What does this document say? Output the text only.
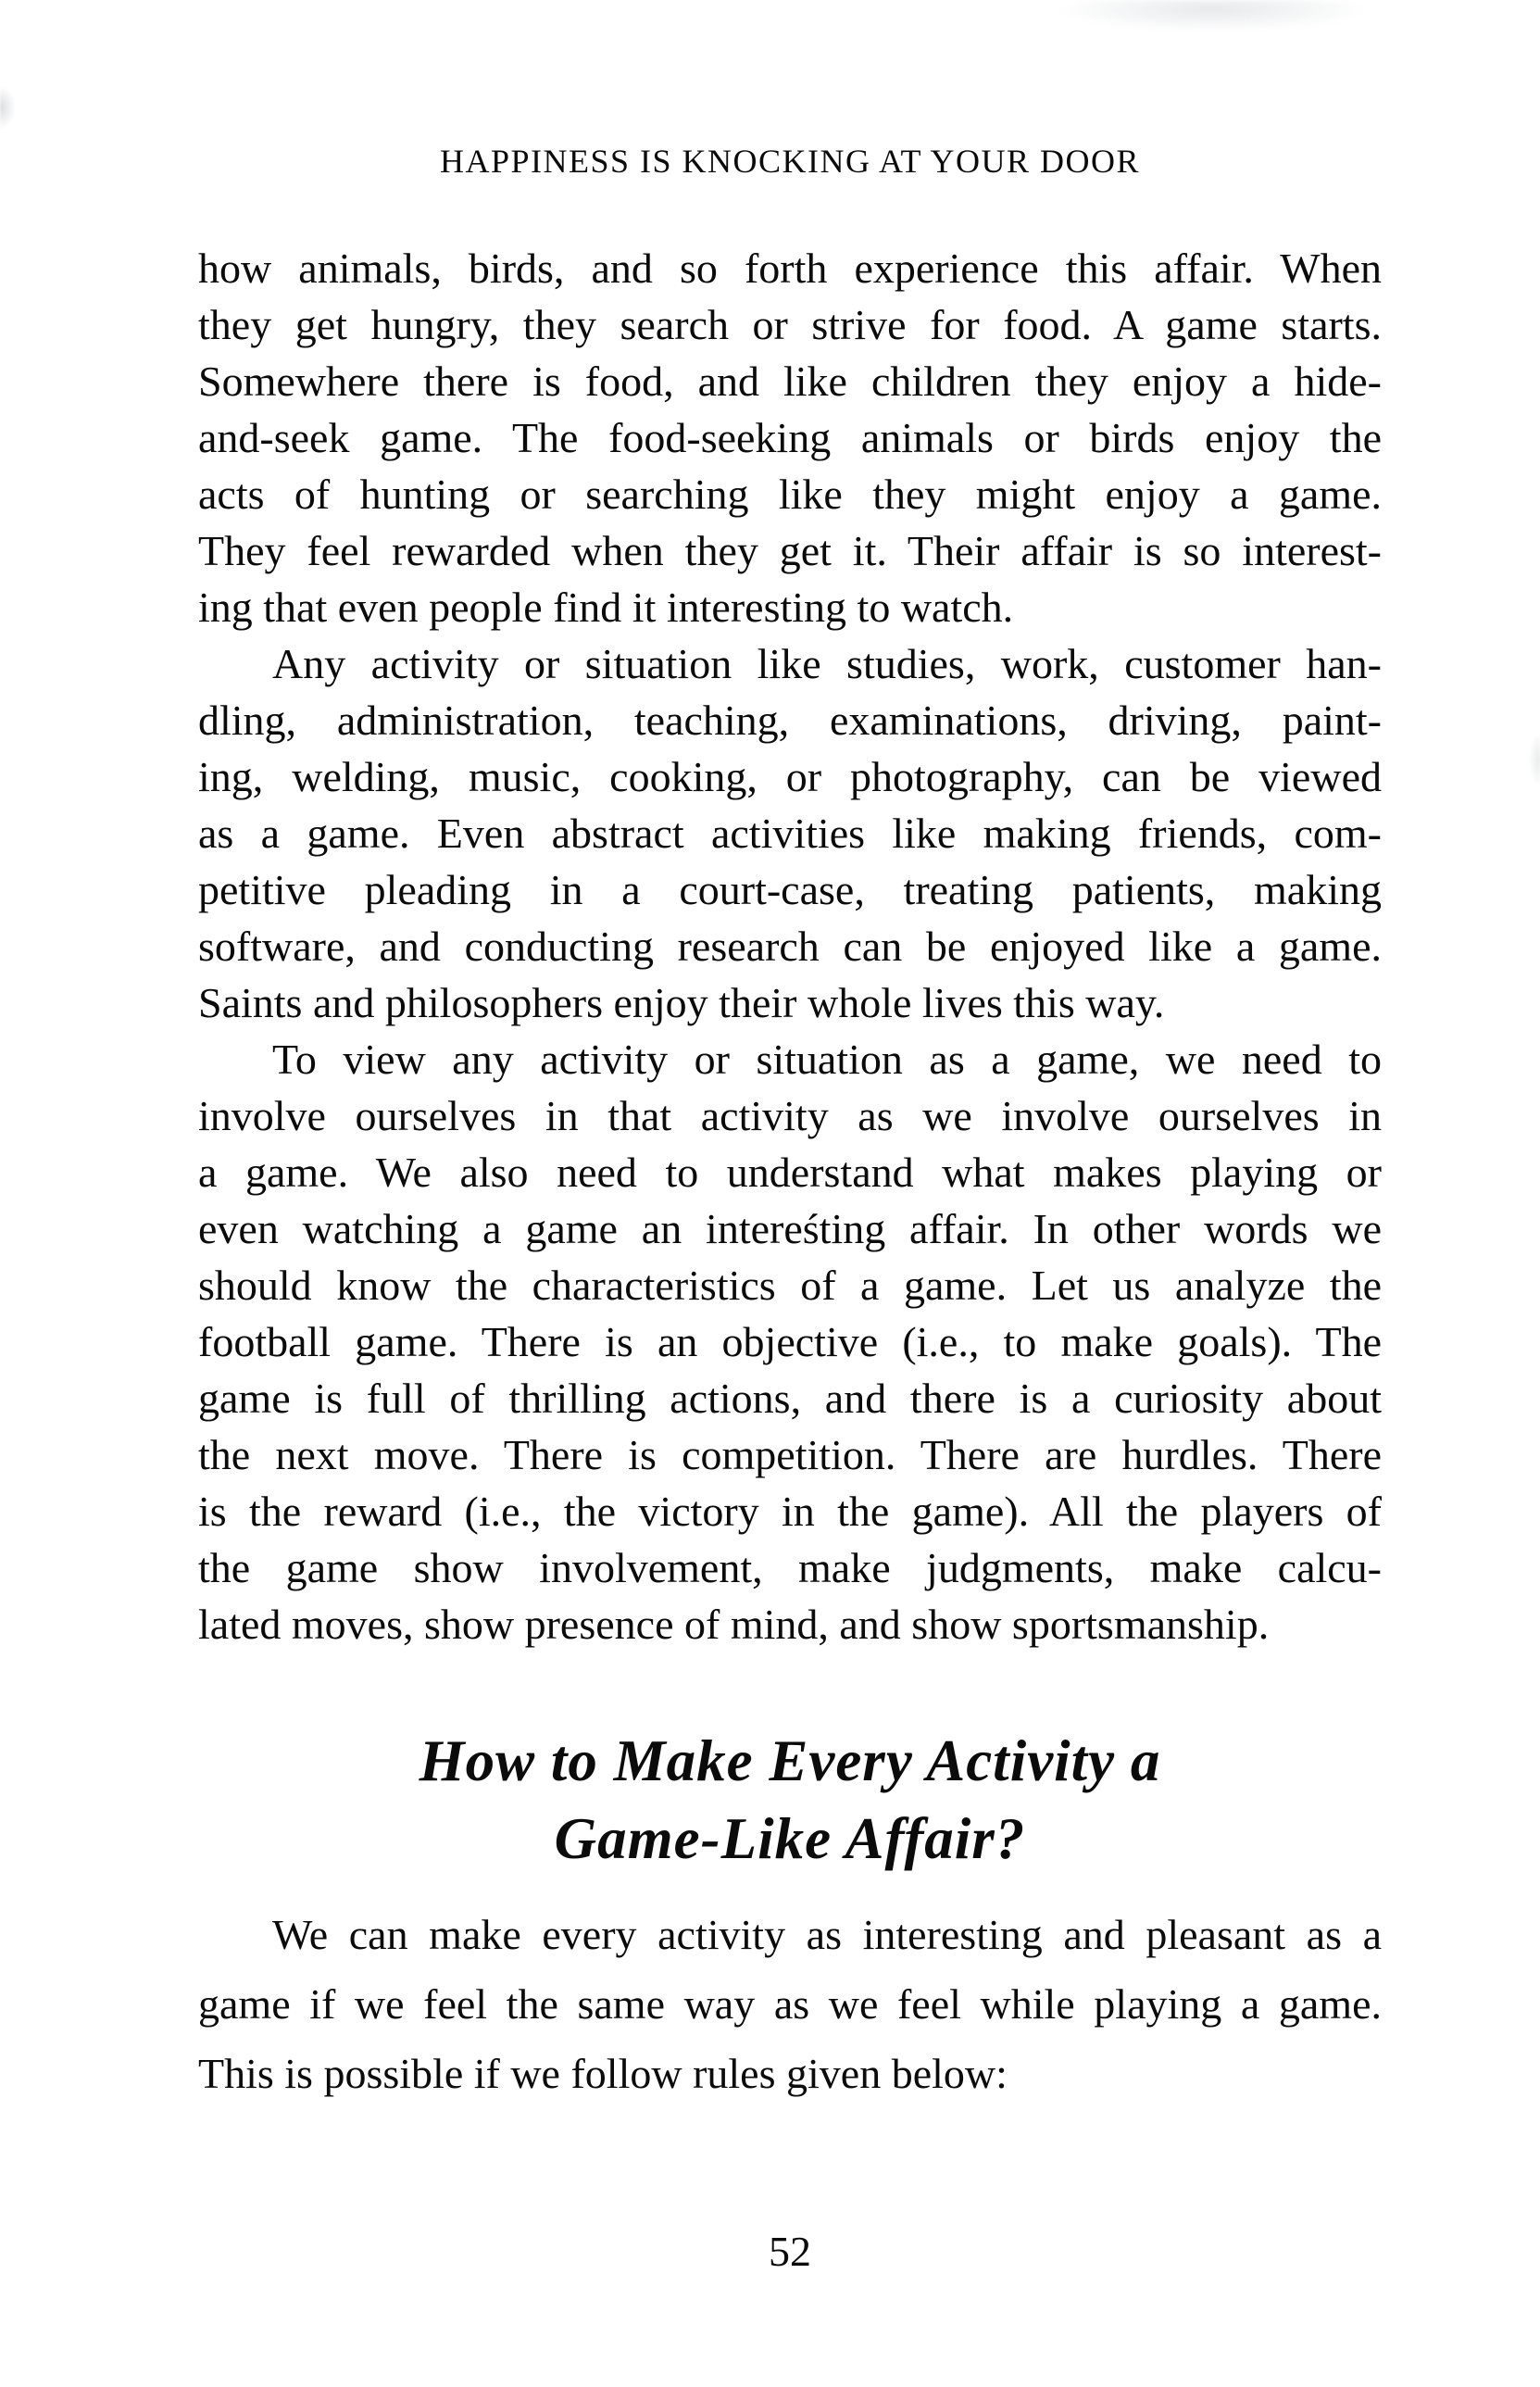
HAPPINESS IS KNOCKING AT YOUR DOOR

how animals, birds, and so forth experience this affair. When
they get hungry, they search or strive for food. A game starts.
Somewhere there is food, and like children they enjoy a hide-
and-seek game. The food-seeking animals or birds enjoy the
acts of hunting or searching like they might enjoy a game.
They feel rewarded when they get it. Their affair is so interest-
ing that even people find it interesting to watch.

Any activity or situation like studies, work, customer han-
dling, administration, teaching, examinations, driving, paint-
ing, welding, music, cooking, or photography, can be viewed
as a game. Even abstract activities like making friends, com-
petitive pleading in a court-case, treating patients, making
software, and conducting research can be enjoyed like a game.
Saints and philosophers enjoy their whole lives this way.

To view any activity or situation as a game, we need to
involve ourselves in that activity as we involve ourselves in
a game. We also need to understand what makes playing or
even watching a game an intereśting affair. In other words we
should know the characteristics of a game. Let us analyze the
football game. There is an objective (i.e., to make goals). The
game is full of thrilling actions, and there is a curiosity about
the next move. There is competition. There are hurdles. There
is the reward (i.e., the victory in the game). All the players of
the game show involvement, make judgments, make calcu-
lated moves, show presence of mind, and show sportsmanship.

How to Make Every Activity a
Game-Like Affair?

We can make every activity as interesting and pleasant as a
game if we feel the same way as we feel while playing a game.
This is possible if we follow rules given below:

52
